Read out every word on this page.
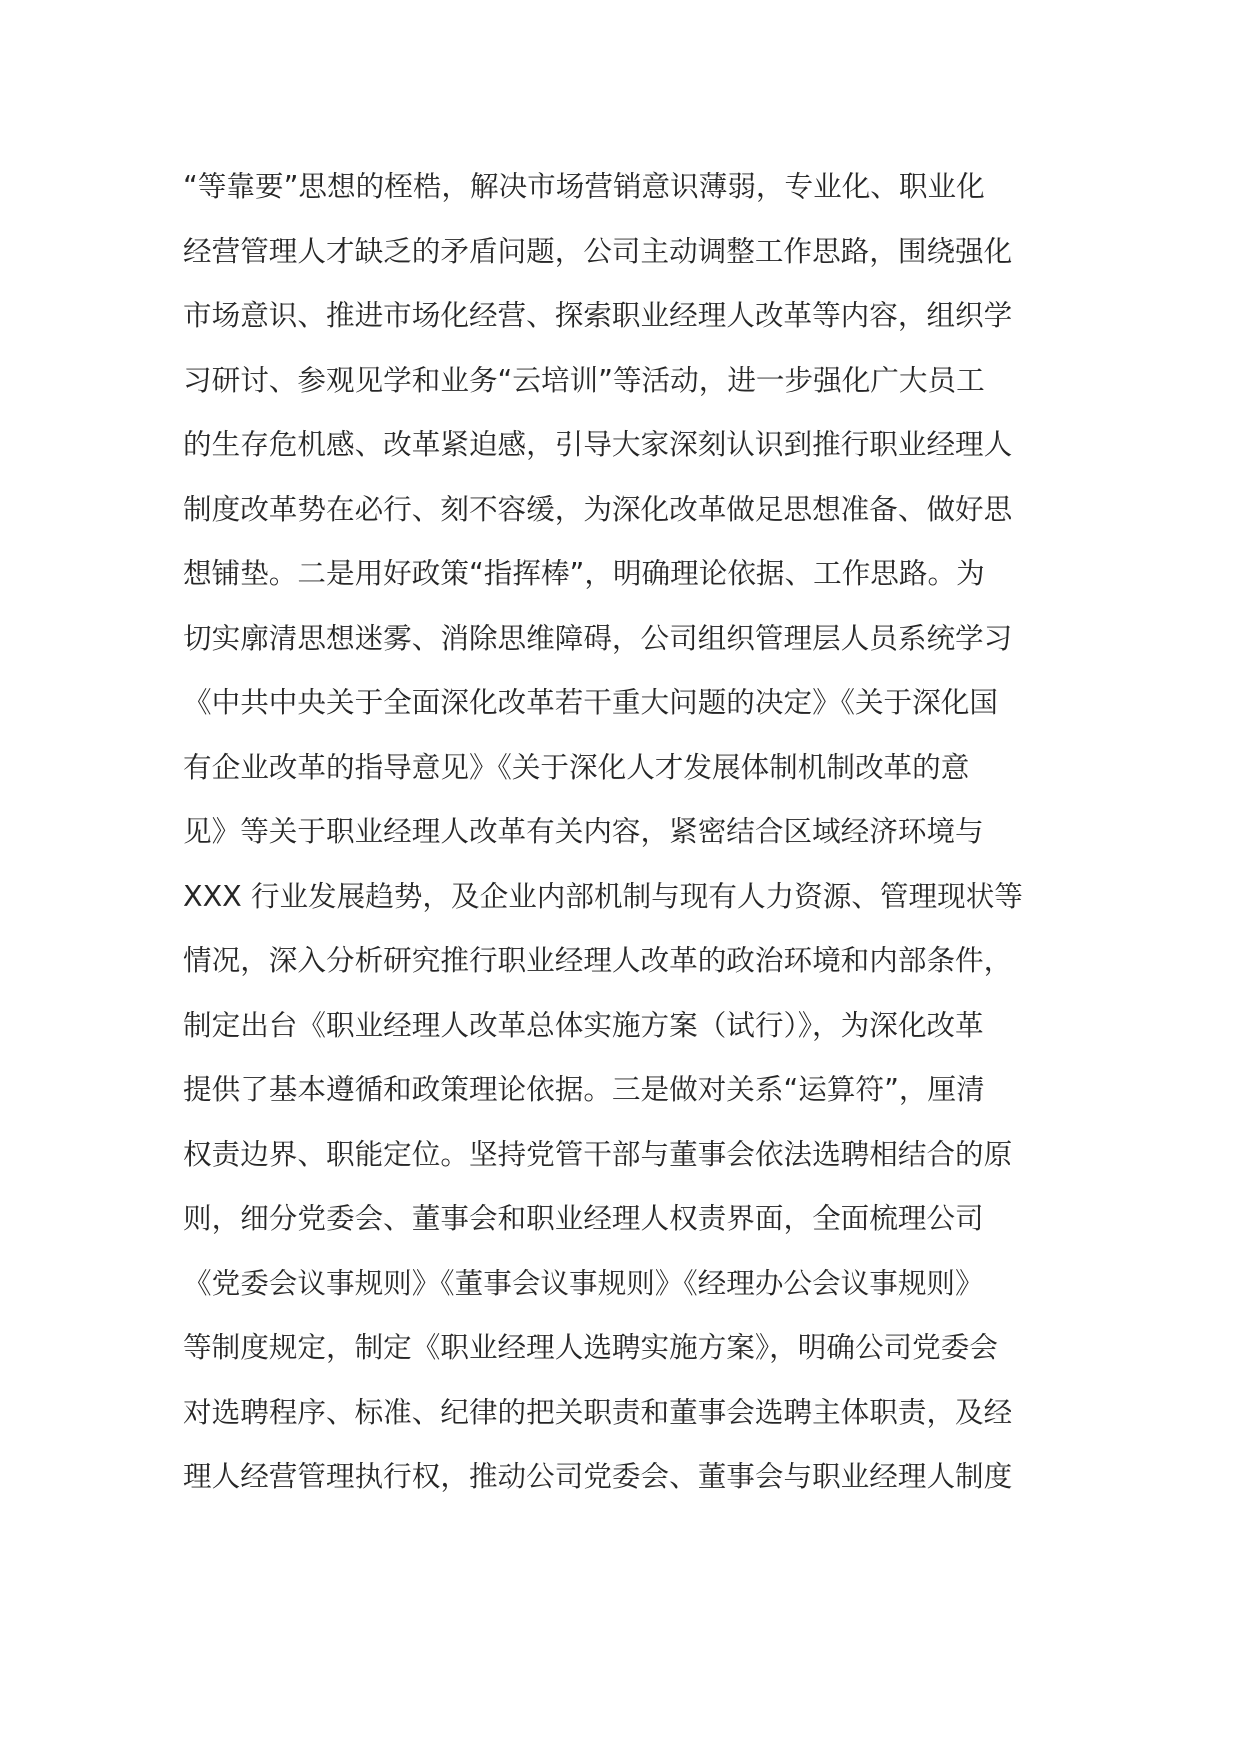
“等靠要”思想的桎梏，解决市场营销意识薄弱，专业化、职业化
经营管理人才缺乏的矛盾问题，公司主动调整工作思路，围绕强化
市场意识、推进市场化经营、探索职业经理人改革等内容，组织学
习研讨、参观见学和业务“云培训”等活动，进一步强化广大员工
的生存危机感、改革紧迫感，引导大家深刻认识到推行职业经理人
制度改革势在必行、刻不容缓，为深化改革做足思想准备、做好思
想铺垫。二是用好政策“指挥棒”，明确理论依据、工作思路。为
切实廓清思想迷雾、消除思维障碍，公司组织管理层人员系统学习
《中共中央关于全面深化改革若干重大问题的决定》《关于深化国
有企业改革的指导意见》《关于深化人才发展体制机制改革的意
见》等关于职业经理人改革有关内容，紧密结合区域经济环境与
XXX 行业发展趋势，及企业内部机制与现有人力资源、管理现状等
情况，深入分析研究推行职业经理人改革的政治环境和内部条件，
制定出台《职业经理人改革总体实施方案（试行）》，为深化改革
提供了基本遵循和政策理论依据。三是做对关系“运算符”，厘清
权责边界、职能定位。坚持党管干部与董事会依法选聘相结合的原
则，细分党委会、董事会和职业经理人权责界面，全面梳理公司
《党委会议事规则》《董事会议事规则》《经理办公会议事规则》
等制度规定，制定《职业经理人选聘实施方案》，明确公司党委会
对选聘程序、标准、纪律的把关职责和董事会选聘主体职责，及经
理人经营管理执行权，推动公司党委会、董事会与职业经理人制度
